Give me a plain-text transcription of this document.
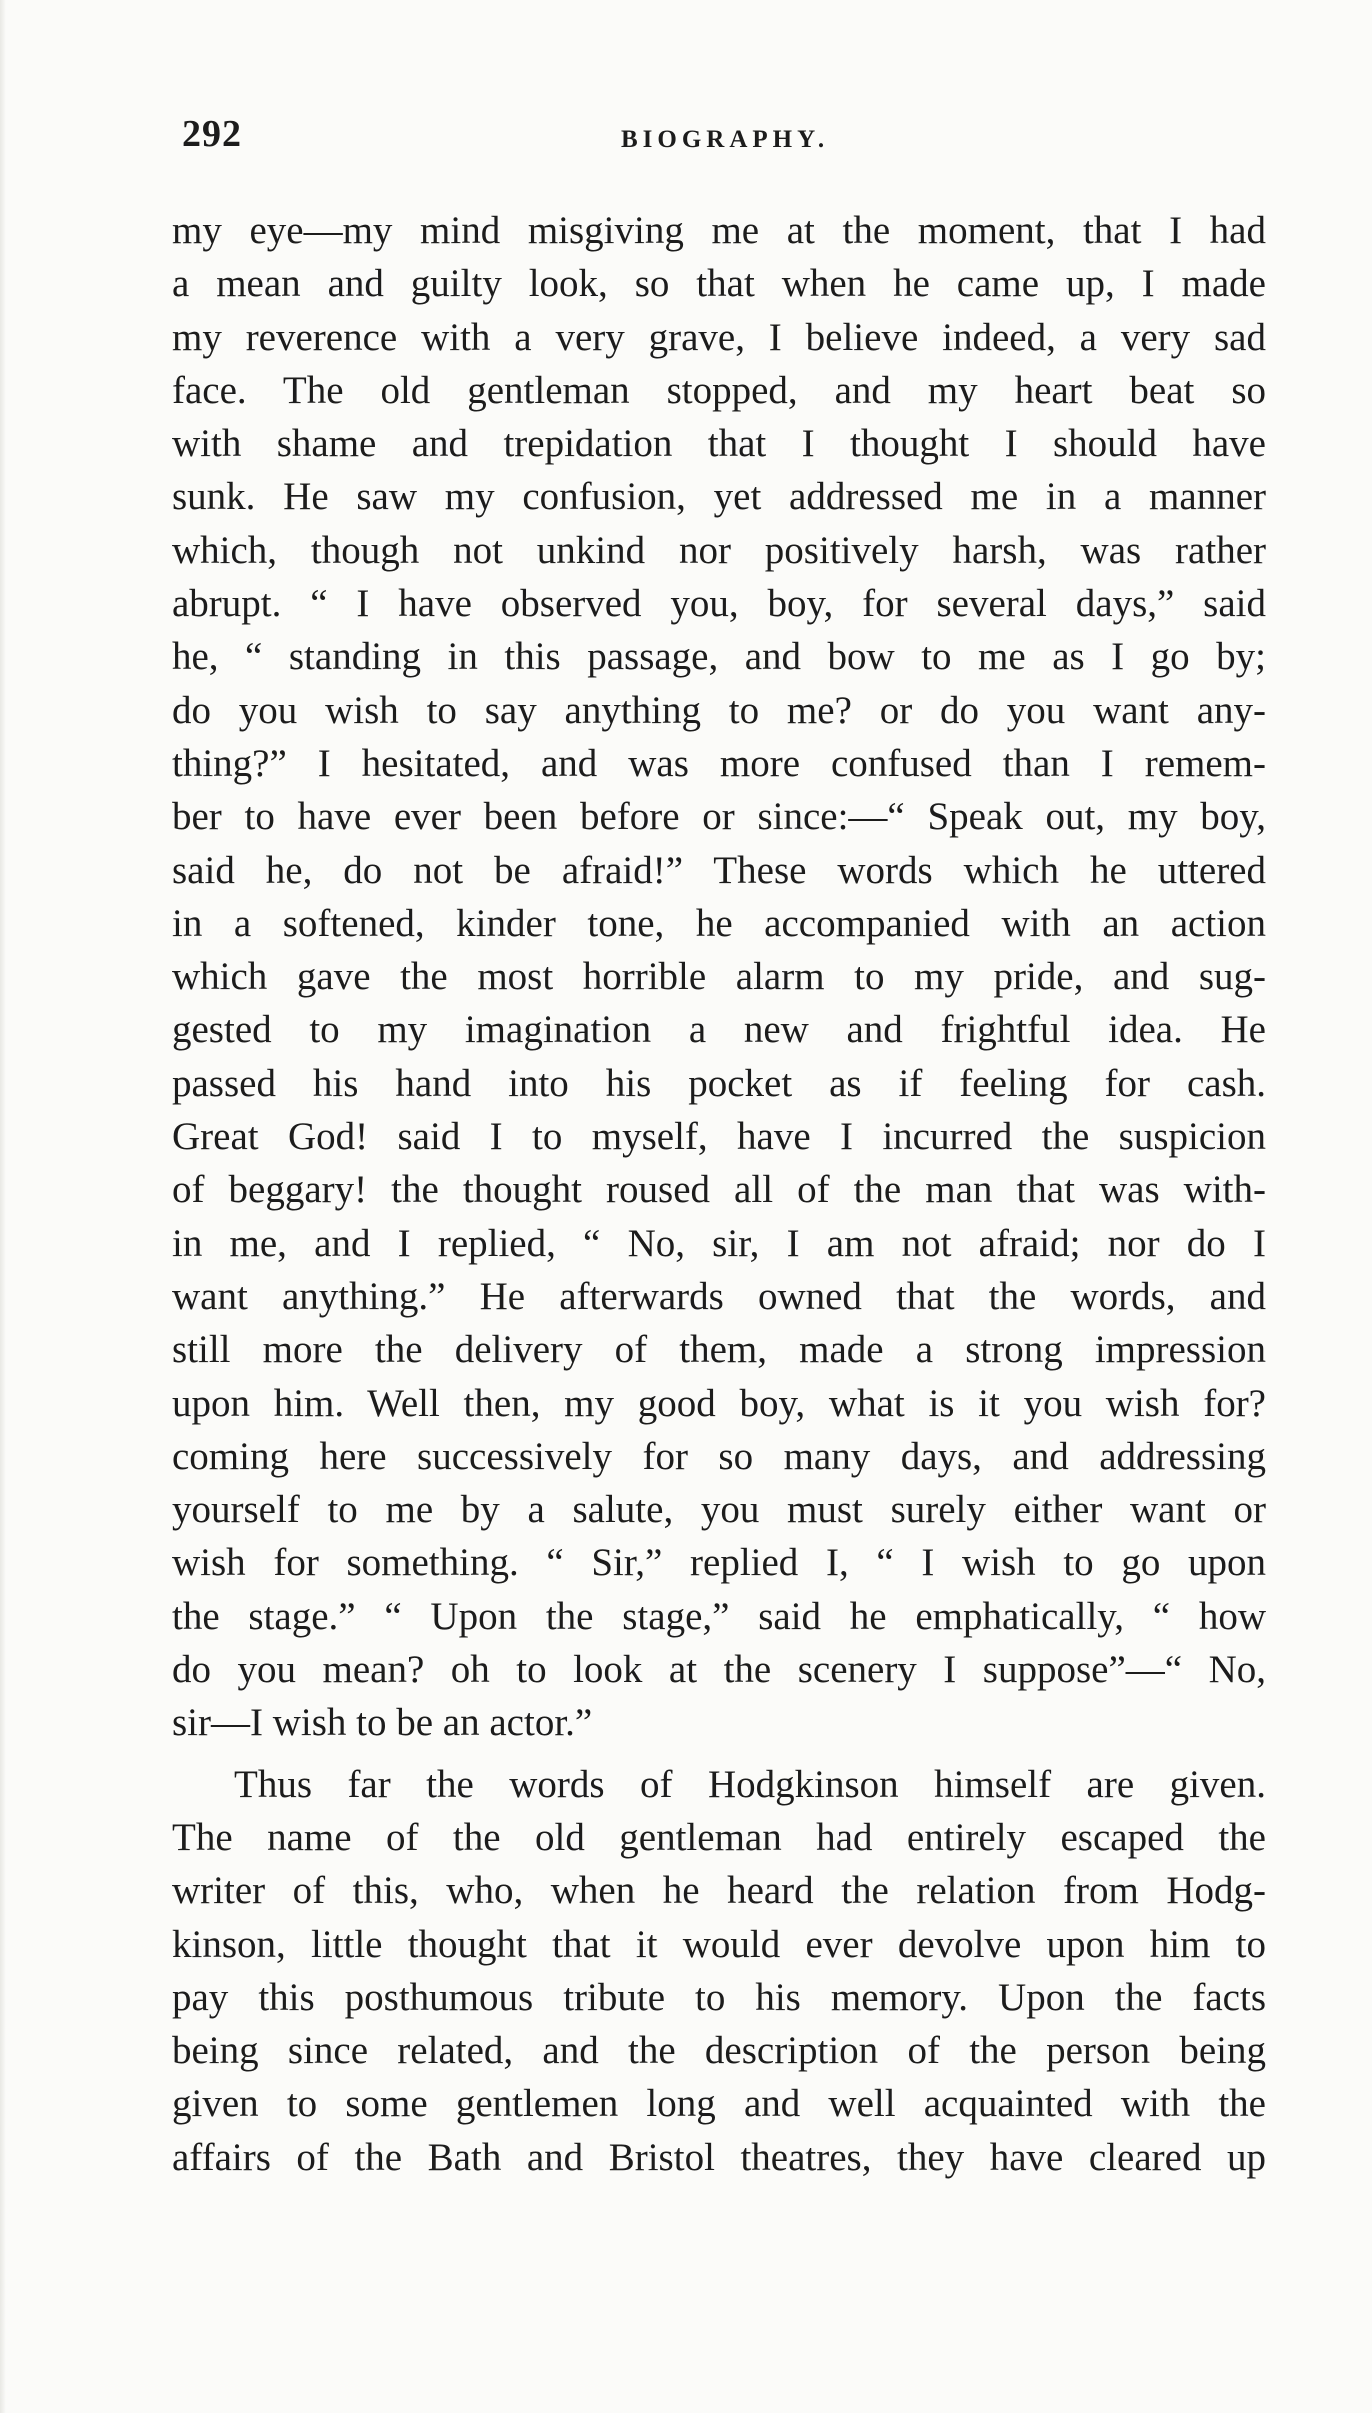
292	BIOGRAPHY.
my eye—my mind misgiving me at the moment, that I had
a mean and guilty look, so that when he came up, I made
my reverence with a very grave, I believe indeed, a very sad
face. The old gentleman stopped, and my heart beat so
with shame and trepidation that I thought I should have
sunk. He saw my confusion, yet addressed me in a manner
which, though not unkind nor positively harsh, was rather
abrupt. “ I have observed you, boy, for several days,” said
he, “ standing in this passage, and bow to me as I go by;
do you wish to say anything to me? or do you want any-
thing?” I hesitated, and was more confused than I remem-
ber to have ever been before or since:—“ Speak out, my boy,
said he, do not be afraid!” These words which he uttered
in a softened, kinder tone, he accompanied with an action
which gave the most horrible alarm to my pride, and sug-
gested to my imagination a new and frightful idea. He
passed his hand into his pocket as if feeling for cash.
Great God! said I to myself, have I incurred the suspicion
of beggary! the thought roused all of the man that was with-
in me, and I replied, “ No, sir, I am not afraid; nor do I
want anything.” He afterwards owned that the words, and
still more the delivery of them, made a strong impression
upon him. Well then, my good boy, what is it you wish for?
coming here successively for so many days, and addressing
yourself to me by a salute, you must surely either want or
wish for something. “ Sir,” replied I, “ I wish to go upon
the stage.” “ Upon the stage,” said he emphatically, “ how
do you mean? oh to look at the scenery I suppose”—“ No,
sir—I wish to be an actor.”
Thus far the words of Hodgkinson himself are given.
The name of the old gentleman had entirely escaped the
writer of this, who, when he heard the relation from Hodg-
kinson, little thought that it would ever devolve upon him to
pay this posthumous tribute to his memory. Upon the facts
being since related, and the description of the person being
given to some gentlemen long and well acquainted with the
affairs of the Bath and Bristol theatres, they have cleared up
